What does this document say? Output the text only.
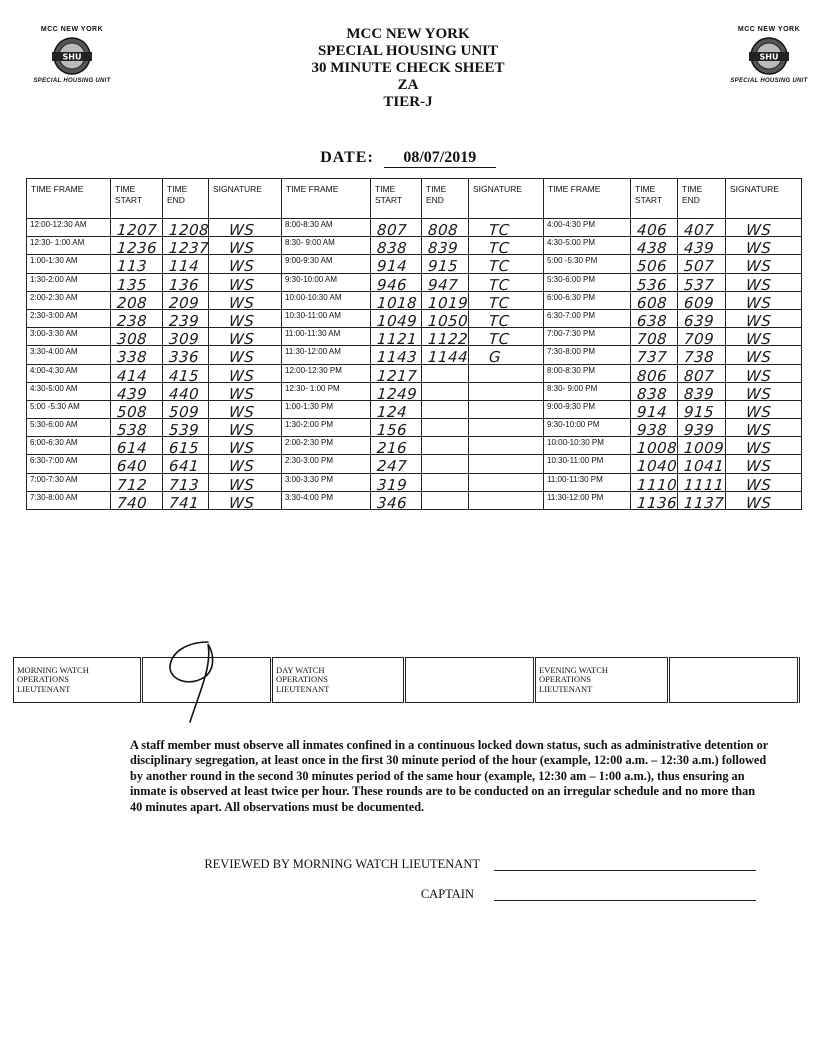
MCC NEW YORK
SHU
SPECIAL HOUSING UNIT
MCC NEW YORK
SHU
SPECIAL HOUSING UNIT
MCC NEW YORK
SPECIAL HOUSING UNIT
30 MINUTE CHECK SHEET
ZA
TIER-J
DATE: 08/07/2019
TIME FRAME	TIME START	TIME END	SIGNATURE	TIME FRAME	TIME START	TIME END	SIGNATURE	TIME FRAME	TIME START	TIME END	SIGNATURE
12:00-12:30 AM	1207	1208	WS	8:00-8:30 AM	807	808	TC	4:00-4:30 PM	406	407	WS

12:30- 1:00 AM	1236	1237	WS	8:30- 9:00 AM	838	839	TC	4:30-5:00 PM	438	439	WS

1:00-1:30 AM	113	114	WS	9:00-9:30 AM	914	915	TC	5:00 -5:30 PM	506	507	WS

1:30-2:00 AM	135	136	WS	9:30-10:00 AM	946	947	TC	5:30-6:00 PM	536	537	WS

2:00-2:30 AM	208	209	WS	10:00-10:30 AM	1018	1019	TC	6:00-6:30 PM	608	609	WS

2:30-3:00 AM	238	239	WS	10:30-11:00 AM	1049	1050	TC	6:30-7:00 PM	638	639	WS

3:00-3:30 AM	308	309	WS	11:00-11:30 AM	1121	1122	TC	7:00-7:30 PM	708	709	WS

3:30-4:00 AM	338	336	WS	11:30-12:00 AM	1143	1144	G	7:30-8:00 PM	737	738	WS

4:00-4:30 AM	414	415	WS	12:00-12:30 PM	1217			8:00-8:30 PM	806	807	WS

4:30-5:00 AM	439	440	WS	12:30- 1:00 PM	1249			8:30- 9:00 PM	838	839	WS

5:00 -5:30 AM	508	509	WS	1:00-1:30 PM	124			9:00-9:30 PM	914	915	WS

5:30-6:00 AM	538	539	WS	1:30-2:00 PM	156			9:30-10:00 PM	938	939	WS

6:00-6:30 AM	614	615	WS	2:00-2:30 PM	216			10:00-10:30 PM	1008	1009	WS

6:30-7:00 AM	640	641	WS	2:30-3:00 PM	247			10:30-11:00 PM	1040	1041	WS

7:00-7:30 AM	712	713	WS	3:00-3:30 PM	319			11:00-11:30 PM	1110	1111	WS

7:30-8:00 AM	740	741	WS	3:30-4:00 PM	346			11:30-12:00 PM	1136	1137	WS
MORNING WATCH
OPERATIONS
LIEUTENANT

DAY WATCH
OPERATIONS
LIEUTENANT

EVENING WATCH
OPERATIONS
LIEUTENANT

A staff member must observe all inmates confined in a continuous locked down status, such as administrative detention or disciplinary segregation, at least once in the first 30 minute period of the hour (example, 12:00 a.m. – 12:30 a.m.) followed by another round in the second 30 minutes period of the same hour (example, 12:30 am – 1:00 a.m.), thus ensuring an inmate is observed at least twice per hour. These rounds are to be conducted on an irregular schedule and no more than 40 minutes apart. All observations must be documented.
REVIEWED BY MORNING WATCH LIEUTENANT
CAPTAIN
